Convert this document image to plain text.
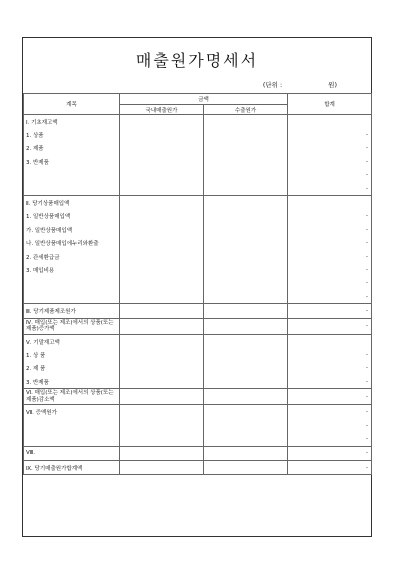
매출원가명세서
(단위 :	원)
계목	금액		합계
	국내매출원가	수출원가	
Ⅰ. 기초재고액			
1. 상품			-
2. 제품			-
3. 반제품			-
			-
			-
Ⅱ. 당기상품매입액			
1. 일반상품매입액			-
가. 일반상품매입액			-
나. 일반상품매입에누리와환출			-
2. 관세환급금			-
3. 매입비용			-
			-
			-
Ⅲ. 당기제품제조원가			-
Ⅳ. 매입(또는 제조)에서의 상품(또는 제품)증가액			-
Ⅴ. 기말재고액			
1. 상 품			-
2. 제 품			-
3. 반제품			-
Ⅵ. 매입(또는 제조)에서의 상품(또는 제품)감소액			-
Ⅶ. 증액원가			-
			-
			-
Ⅷ.			-
Ⅸ. 당기매출원가합계액			-
